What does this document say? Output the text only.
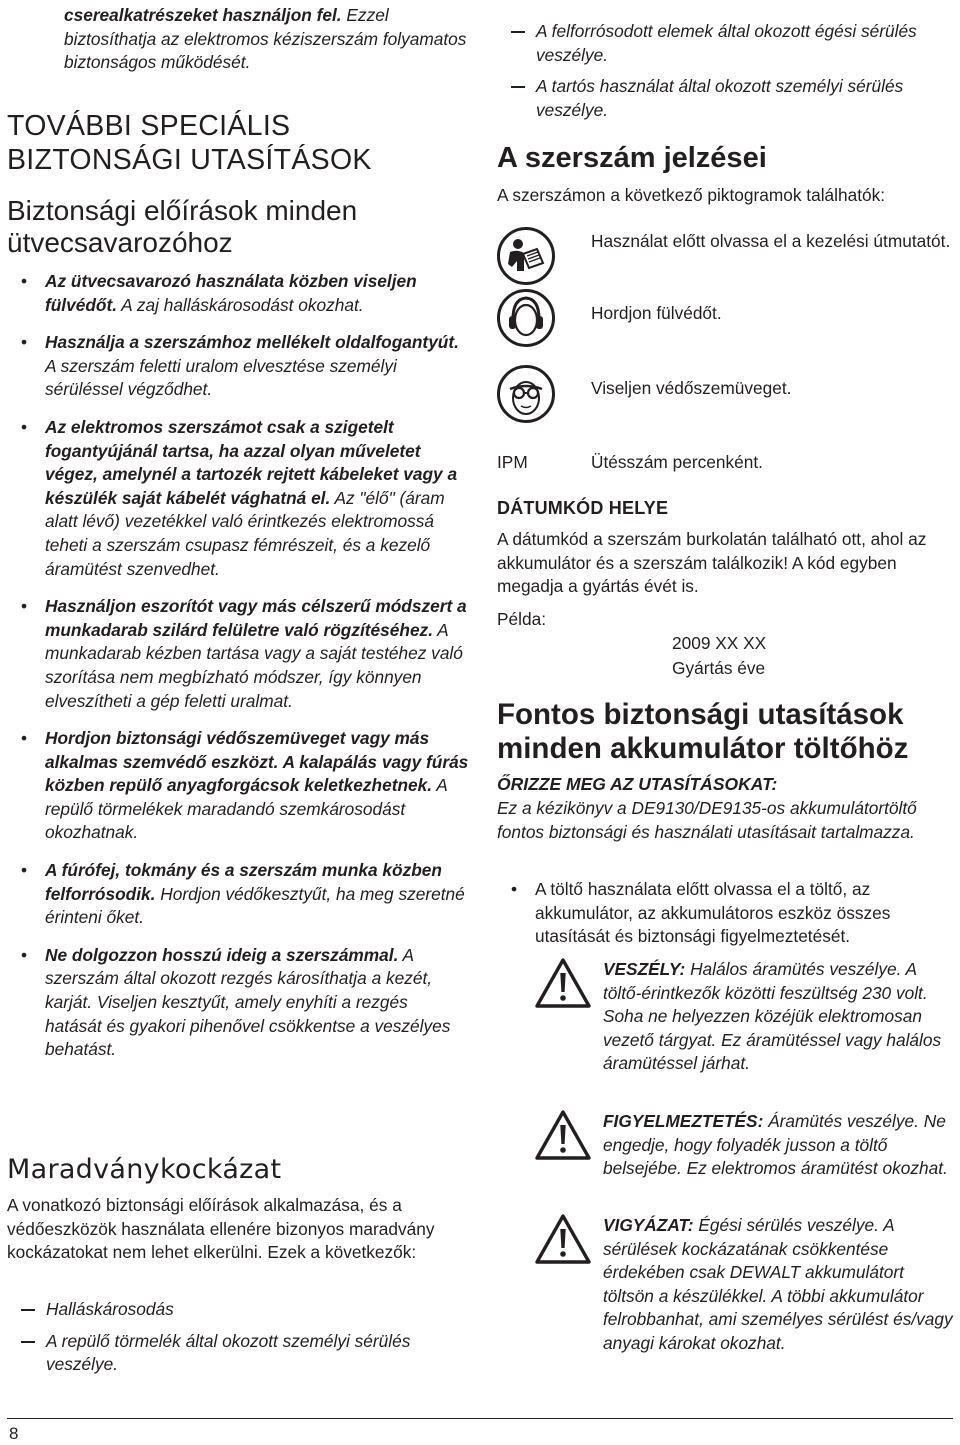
cserealkatrészeket használjon fel. Ezzel biztosíthatja az elektromos kéziszerszám folyamatos biztonságos működését.

TOVÁBBI SPECIÁLIS
BIZTONSÁGI UTASÍTÁSOK
Biztonsági előírások minden
ütvecsavarozóhoz
• Az ütvecsavarozó használata közben viseljen fülvédőt. A zaj halláskárosodást okozhat.
• Használja a szerszámhoz mellékelt oldalfogantyút. A szerszám feletti uralom elvesztése személyi sérüléssel végződhet.
• Az elektromos szerszámot csak a szigetelt fogantyújánál tartsa, ha azzal olyan műveletet végez, amelynél a tartozék rejtett kábeleket vagy a készülék saját kábelét vághatná el. Az "élő" (áram alatt lévő) vezetékkel való érintkezés elektromossá teheti a szerszám csupasz fémrészeit, és a kezelő áramütést szenvedhet.
• Használjon eszorítót vagy más célszerű módszert a munkadarab szilárd felületre való rögzítéséhez. A munkadarab kézben tartása vagy a saját testéhez való szorítása nem megbízható módszer, így könnyen elveszítheti a gép feletti uralmat.
• Hordjon biztonsági védőszemüveget vagy más alkalmas szemvédő eszközt. A kalapálás vagy fúrás közben repülő anyagforgácsok keletkezhetnek. A repülő törmelékek maradandó szemkárosodást okozhatnak.
• A fúrófej, tokmány és a szerszám munka közben felforrósodik. Hordjon védőkesztyűt, ha meg szeretné érinteni őket.
• Ne dolgozzon hosszú ideig a szerszámmal. A szerszám által okozott rezgés károsíthatja a kezét, karját. Viseljen kesztyűt, amely enyhíti a rezgés hatását és gyakori pihenővel csökkentse a veszélyes behatást.
Maradványkockázat

A vonatkozó biztonsági előírások alkalmazása, és a védőeszközök használata ellenére bizonyos maradvány kockázatokat nem lehet elkerülni. Ezek a következők:

Halláskárosodás
A repülő törmelék által okozott személyi sérülés veszélye.
A felforrósodott elemek által okozott égési sérülés veszélye.
A tartós használat által okozott személyi sérülés veszélye.
A szerszám jelzései

A szerszámon a következő piktogramok találhatók:

Használat előtt olvassa el a kezelési útmutatót.
Hordjon fülvédőt.
Viseljen védőszemüveget.
IPM	Ütésszám percenként.
DÁTUMKÓD HELYE

A dátumkód a szerszám burkolatán található ott, ahol az akkumulátor és a szerszám találkozik! A kód egyben megadja a gyártás évét is.

Példa:

2009 XX XX

Gyártás éve

Fontos biztonsági utasítások
minden akkumulátor töltőhöz
ŐRIZZE MEG AZ UTASÍTÁSOKAT:

Ez a kézikönyv a DE9130/DE9135-os akkumulátortöltő fontos biztonsági és használati utasításait tartalmazza.

• A töltő használata előtt olvassa el a töltő, az akkumulátor, az akkumulátoros eszköz összes utasítását és biztonsági figyelmeztetését.
VESZÉLY: Halálos áramütés veszélye. A töltő-érintkezők közötti feszültség 230 volt. Soha ne helyezzen közéjük elektromosan vezető tárgyat. Ez áramütéssel vagy halálos áramütéssel járhat.
FIGYELMEZTETÉS: Áramütés veszélye. Ne engedje, hogy folyadék jusson a töltő belsejébe. Ez elektromos áramütést okozhat.
VIGYÁZAT: Égési sérülés veszélye. A sérülések kockázatának csökkentése érdekében csak DEWALT akkumulátort töltsön a készülékkel. A többi akkumulátor felrobbanhat, ami személyes sérülést és/vagy anyagi károkat okozhat.
8
